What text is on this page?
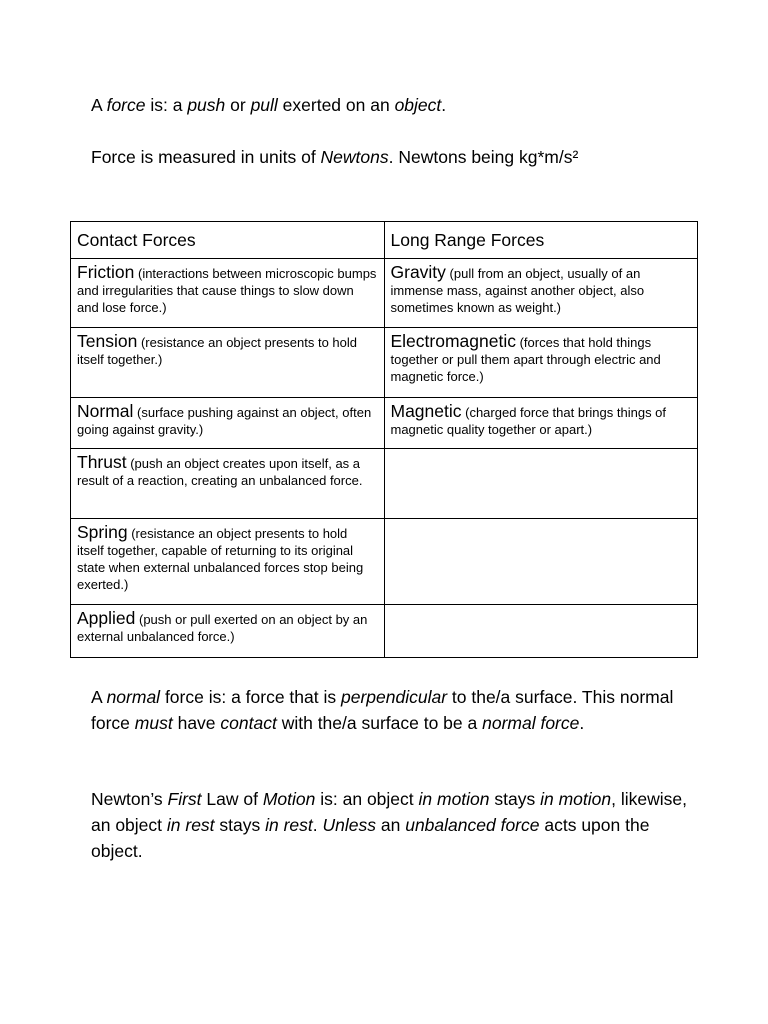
A force is: a push or pull exerted on an object.

Force is measured in units of Newtons. Newtons being kg*m/s²

Contact Forces	Long Range Forces
Friction (interactions between microscopic bumps and irregularities that cause things to slow down and lose force.)	Gravity (pull from an object, usually of an immense mass, against another object, also sometimes known as weight.)
Tension (resistance an object presents to hold itself together.)	Electromagnetic (forces that hold things together or pull them apart through electric and magnetic force.)
Normal (surface pushing against an object, often going against gravity.)	Magnetic (charged force that brings things of magnetic quality together or apart.)
Thrust (push an object creates upon itself, as a result of a reaction, creating an unbalanced force.	
Spring (resistance an object presents to hold itself together, capable of returning to its original state when external unbalanced forces stop being exerted.)	
Applied (push or pull exerted on an object by an external unbalanced force.)	

A normal force is: a force that is perpendicular to the/a surface. This normal force must have contact with the/a surface to be a normal force.

Newton’s First Law of Motion is: an object in motion stays in motion, likewise, an object in rest stays in rest. Unless an unbalanced force acts upon the object.
